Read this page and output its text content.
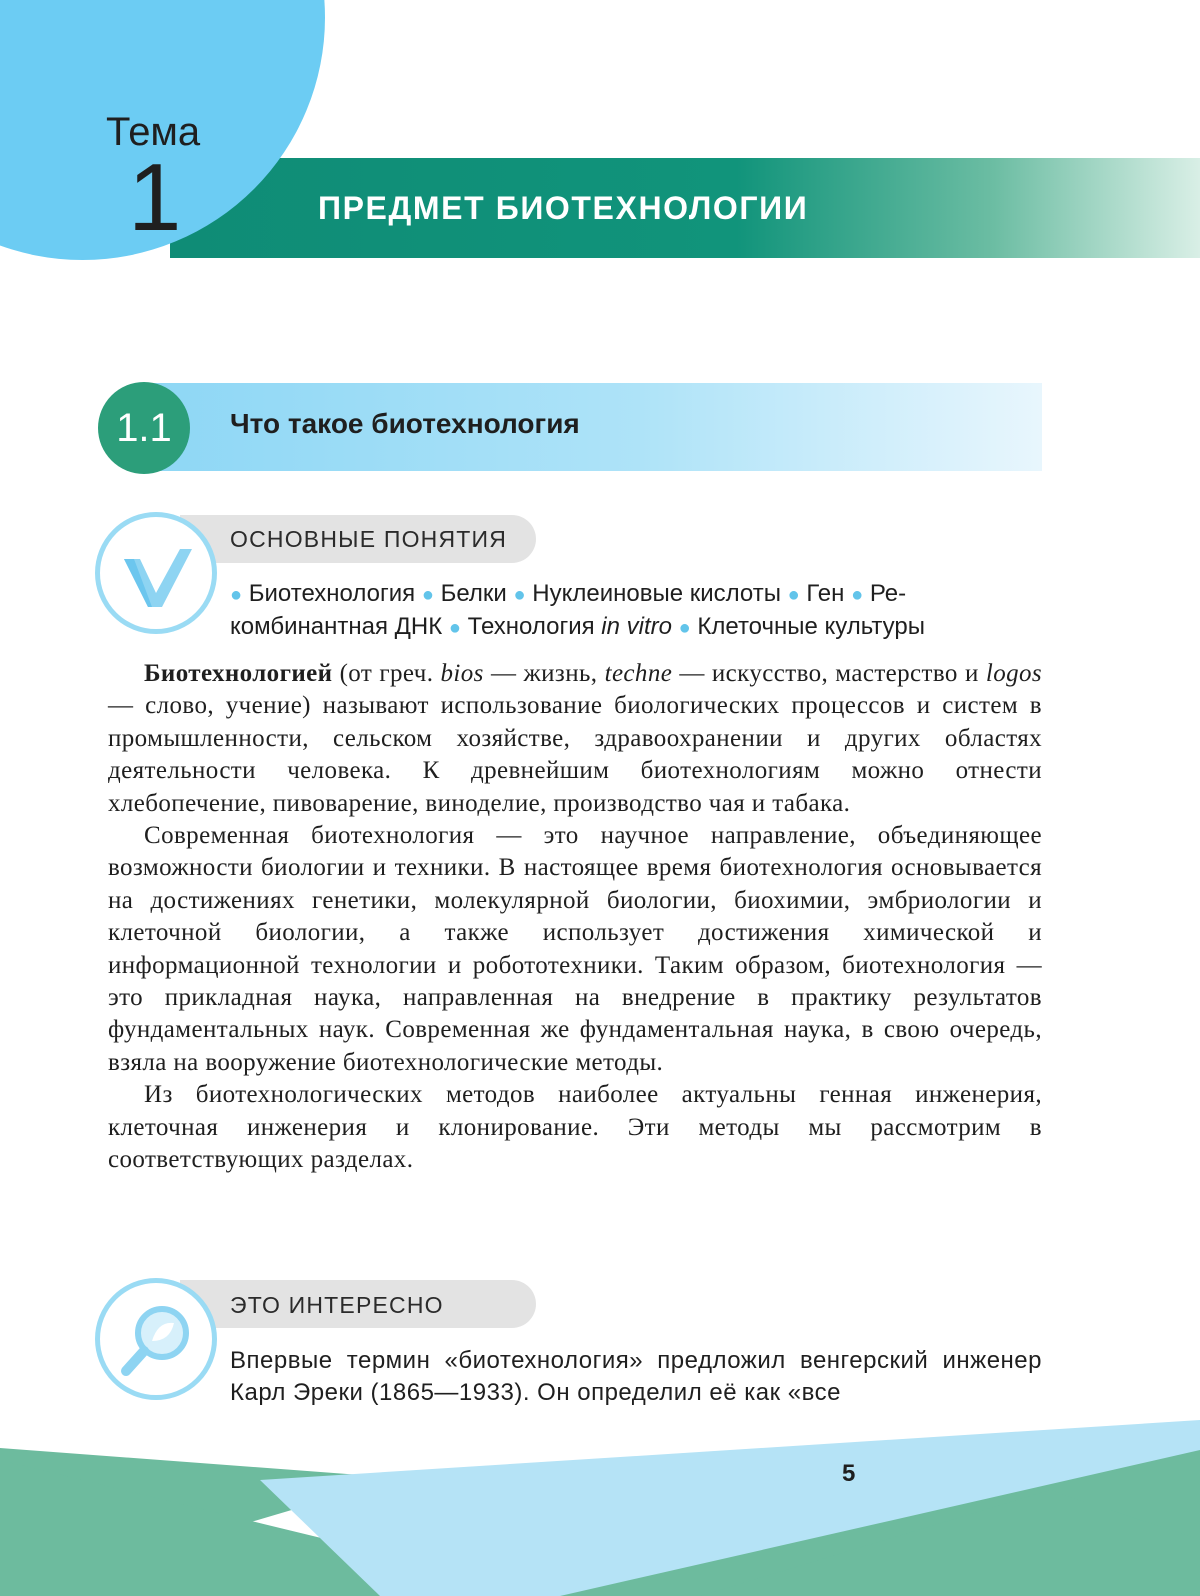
Тема
1	ПРЕДМЕТ БИОТЕХНОЛОГИИ
1.1	Что такое биотехнология
ОСНОВНЫЕ ПОНЯТИЯ
● Биотехнология ● Белки ● Нуклеиновые кислоты ● Ген ● Ре-
комбинантная ДНК ● Технология in vitro ● Клеточные культуры

Биотехнологией (от греч. bios — жизнь, techne — искусство, мастерство и logos — слово, учение) называют использование биологических процессов и систем в промышленности, сельском хозяйстве, здравоохранении и других областях деятельности человека. К древнейшим биотехнологиям можно отнести хлебопечение, пивоварение, виноделие, производство чая и табака.

Современная биотехнология — это научное направление, объединяющее возможности биологии и техники. В настоящее время биотехнология основывается на достижениях генетики, молекулярной биологии, биохимии, эмбриологии и клеточной биологии, а также использует достижения химической и информационной технологии и робототехники. Таким образом, биотехнология — это прикладная наука, направленная на внедрение в практику результатов фундаментальных наук. Современная же фундаментальная наука, в свою очередь, взяла на вооружение биотехнологические методы.

Из биотехнологических методов наиболее актуальны генная инженерия, клеточная инженерия и клонирование. Эти методы мы рассмотрим в соответствующих разделах.

ЭТО ИНТЕРЕСНО
Впервые термин «биотехнология» предложил венгерский инженер Карл Эреки (1865—1933). Он определил её как «все
5
